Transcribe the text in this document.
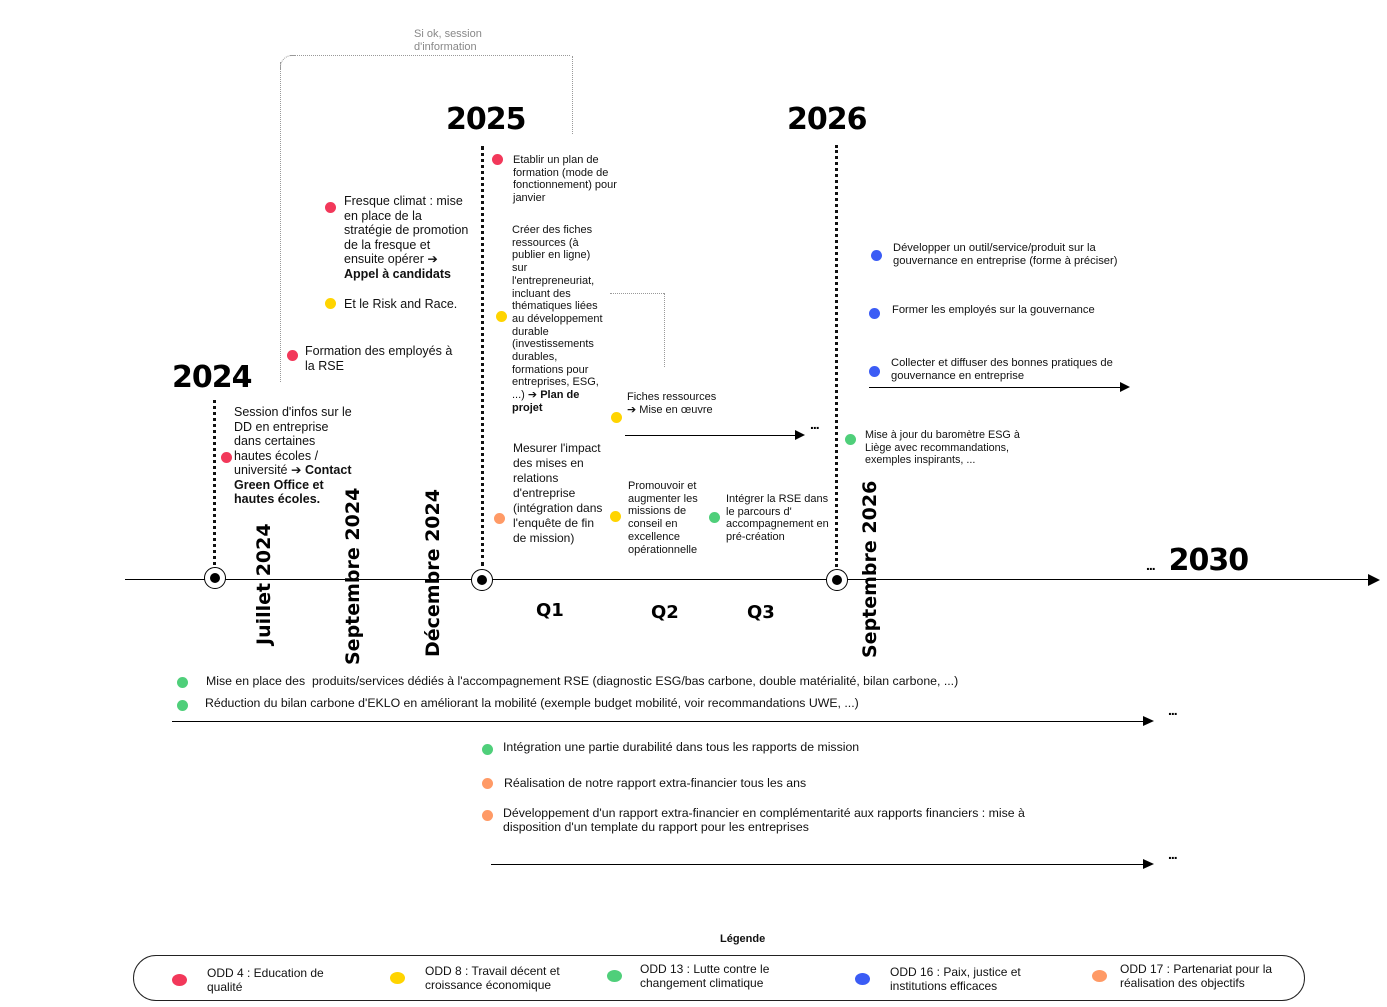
Si ok, session
d'information
2024
2025	2026
... 2030
Juillet 2024	Septembre 2024	Décembre 2024	Septembre 2026
Q1	Q2	Q3
Fresque climat : mise en place de la stratégie de promotion de la fresque et ensuite opérer ➔ Appel à candidats
Et le Risk and Race.
Formation des employés à la RSE
Session d'infos sur le DD en entreprise dans certaines hautes écoles / université ➔ Contact Green Office et hautes écoles.
Etablir un plan de formation (mode de fonctionnement) pour janvier
Créer des fiches ressources (à publier en ligne) sur l'entrepreneuriat, incluant des thématiques liées au développement durable (investissements durables, formations pour entreprises, ESG, ...) ➔ Plan de projet
Fiches ressources ➔ Mise en œuvre
...
Mesurer l'impact des mises en relations d'entreprise (intégration dans l'enquête de fin de mission)
Promouvoir et augmenter les missions de conseil en excellence opérationnelle
Intégrer la RSE dans le parcours d' accompagnement en pré-création
Développer un outil/service/produit sur la gouvernance en entreprise (forme à préciser)
Former les employés sur la gouvernance
Collecter et diffuser des bonnes pratiques de gouvernance en entreprise
Mise à jour du baromètre ESG à Liège avec recommandations, exemples inspirants, ...
Mise en place des  produits/services dédiés à l'accompagnement RSE (diagnostic ESG/bas carbone, double matérialité, bilan carbone, ...)
Réduction du bilan carbone d'EKLO en améliorant la mobilité (exemple budget mobilité, voir recommandations UWE, ...)	...
Intégration une partie durabilité dans tous les rapports de mission
Réalisation de notre rapport extra-financier tous les ans
Développement d'un rapport extra-financier en complémentarité aux rapports financiers : mise à disposition d'un template du rapport pour les entreprises
...
Légende
ODD 4 : Education de qualité
ODD 8 : Travail décent et croissance économique
ODD 13 : Lutte contre le changement climatique
ODD 16 : Paix, justice et institutions efficaces
ODD 17 : Partenariat pour la réalisation des objectifs
